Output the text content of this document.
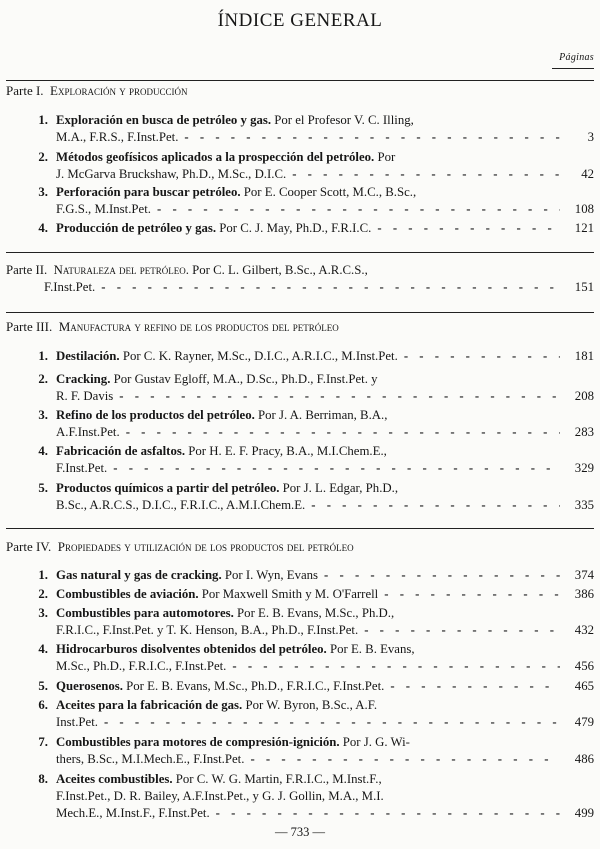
ÍNDICE GENERAL
Páginas
Parte I. Exploración y producción
1. Exploración en busca de petróleo y gas. Por el Profesor V. C. Illing,
M.A., F.R.S., F.Inst.Pet. - - -	3
2. Métodos geofísicos aplicados a la prospección del petróleo. Por
J. McGarva Bruckshaw, Ph.D., M.Sc., D.I.C. - - -	42
3. Perforación para buscar petróleo. Por E. Cooper Scott, M.C., B.Sc.,
F.G.S., M.Inst.Pet. - - -	108
4. Producción de petróleo y gas. Por C. J. May, Ph.D., F.R.I.C. - - -	121
Parte II. Naturaleza del petróleo. Por C. L. Gilbert, B.Sc., A.R.C.S.,
F.Inst.Pet. - - -	151
Parte III. Manufactura y refino de los productos del petróleo
1. Destilación. Por C. K. Rayner, M.Sc., D.I.C., A.R.I.C., M.Inst.Pet. - - -	181
2. Cracking. Por Gustav Egloff, M.A., D.Sc., Ph.D., F.Inst.Pet. y
R. F. Davis - - -	208
3. Refino de los productos del petróleo. Por J. A. Berriman, B.A.,
A.F.Inst.Pet. - - -	283
4. Fabricación de asfaltos. Por H. E. F. Pracy, B.A., M.I.Chem.E.,
F.Inst.Pet. - - -	329
5. Productos químicos a partir del petróleo. Por J. L. Edgar, Ph.D.,
B.Sc., A.R.C.S., D.I.C., F.R.I.C., A.M.I.Chem.E. - - -	335
Parte IV. Propiedades y utilización de los productos del petróleo
1. Gas natural y gas de cracking. Por I. Wyn, Evans - - -	374
2. Combustibles de aviación. Por Maxwell Smith y M. O'Farrell - - -	386
3. Combustibles para automotores. Por E. B. Evans, M.Sc., Ph.D.,
F.R.I.C., F.Inst.Pet. y T. K. Henson, B.A., Ph.D., F.Inst.Pet. - - -	432
4. Hidrocarburos disolventes obtenidos del petróleo. Por E. B. Evans,
M.Sc., Ph.D., F.R.I.C., F.Inst.Pet. - - -	456
5. Querosenos. Por E. B. Evans, M.Sc., Ph.D., F.R.I.C., F.Inst.Pet. - - -	465
6. Aceites para la fabricación de gas. Por W. Byron, B.Sc., A.F.
Inst.Pet. - - -	479
7. Combustibles para motores de compresión-ignición. Por J. G. Wi-
thers, B.Sc., M.I.Mech.E., F.Inst.Pet. - - -	486
8. Aceites combustibles. Por C. W. G. Martin, F.R.I.C., M.Inst.F.,
F.Inst.Pet., D. R. Bailey, A.F.Inst.Pet., y G. J. Gollin, M.A., M.I.
Mech.E., M.Inst.F., F.Inst.Pet. - - -	499
— 733 —
